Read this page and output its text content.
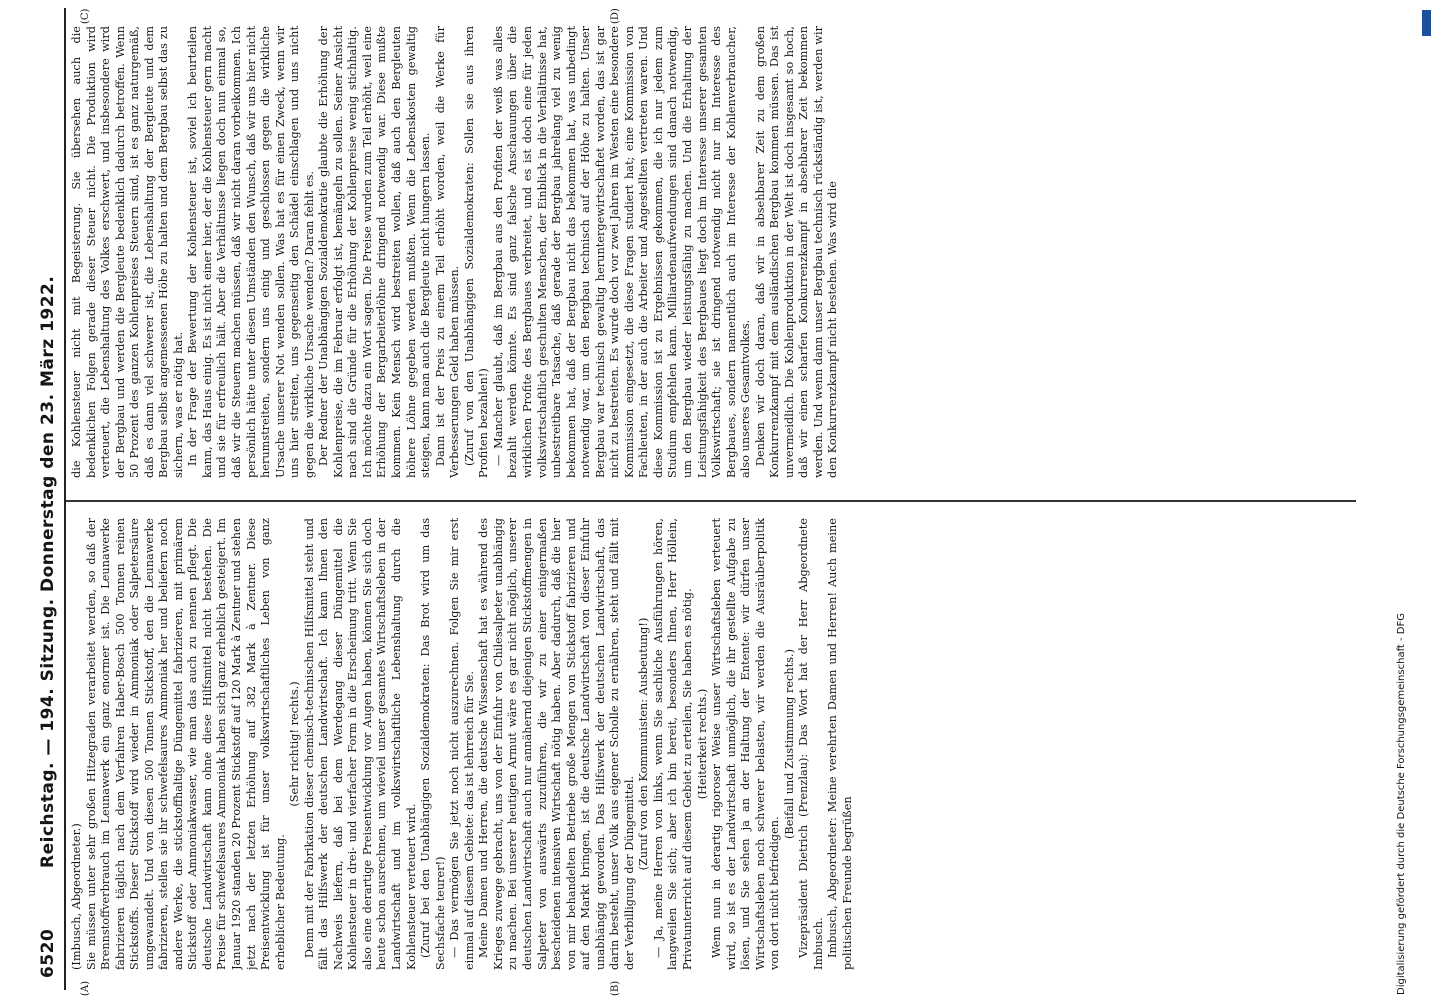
6520
Reichstag. — 194. Sitzung. Donnerstag den 23. März 1922.
(A)	(B)
(C)	(D)

(Imbusch, Abgeordneter.) Sie müssen unter sehr großen Hitzegraden verarbeitet werden, so daß der Brennstoffverbrauch im Leunawerk ein ganz enormer ist. Die Leunawerke fabrizieren täglich nach dem Verfahren Haber-Bosch 500 Tonnen reinen Stickstoffs. Dieser Stickstoff wird wieder in Ammoniak oder Salpetersäure umgewandelt. Und von diesen 500 Tonnen Stickstoff, den die Leunawerke fabrizieren, stellen sie ihr schwefelsaures Ammoniak her und beliefern noch andere Werke, die stickstoffhaltige Düngemittel fabrizieren, mit primärem Stickstoff oder Ammoniakwasser, wie man das auch zu nennen pflegt. Die deutsche Landwirtschaft kann ohne diese Hilfsmittel nicht bestehen. Die Preise für schwefelsaures Ammoniak haben sich ganz erheblich gesteigert. Im Januar 1920 standen 20 Prozent Stickstoff auf 120 Mark à Zentner und stehen jetzt nach der letzten Erhöhung auf 382 Mark à Zentner. Diese Preisentwicklung ist für unser volkswirtschaftliches Leben von ganz erheblicher Bedeutung.

(Sehr richtig! rechts.) Denn mit der Fabrikation dieser chemisch-technischen Hilfsmittel steht und fällt das Hilfswerk der deutschen Landwirtschaft. Ich kann Ihnen den Nachweis liefern, daß bei dem Werdegang dieser Düngemittel die Kohlensteuer in drei- und vierfacher Form in die Erscheinung tritt. Wenn Sie also eine derartige Preisentwicklung vor Augen haben, können Sie sich doch heute schon ausrechnen, um wieviel unser gesamtes Wirtschaftsleben in der Landwirtschaft und im volkswirtschaftliche Lebenshaltung durch die Kohlensteuer verteuert wird. (Zuruf bei den Unabhängigen Sozialdemokraten: Das Brot wird um das Sechsfache teurer!) — Das vermögen Sie jetzt noch nicht auszurechnen. Folgen Sie mir erst einmal auf diesem Gebiete: das ist lehrreich für Sie. Meine Damen und Herren, die deutsche Wissenschaft hat es während des Krieges zuwege gebracht, uns von der Einfuhr von Chilesalpeter unabhängig zu machen. Bei unserer heutigen Armut wäre es gar nicht möglich, unserer deutschen Landwirtschaft auch nur annähernd diejenigen Stickstoffmengen in Salpeter von auswärts zuzuführen, die wir zu einer einigermaßen bescheidenen intensiven Wirtschaft nötig haben. Aber dadurch, daß die hier von mir behandelten Betriebe große Mengen von Stickstoff fabrizieren und auf den Markt bringen, ist die deutsche Landwirtschaft von dieser Einfuhr unabhängig geworden. Das Hilfswerk der deutschen Landwirtschaft, das darin besteht, unser Volk aus eigener Scholle zu ernähren, steht und fällt mit der Verbilligung der Düngemittel.

(Zuruf von den Kommunisten: Ausbeutung!) — Ja, meine Herren von links, wenn Sie sachliche Ausführungen hören, langweilen Sie sich; aber ich bin bereit, besonders Ihnen, Herr Höllein, Privatunterricht auf diesem Gebiet zu erteilen, Sie haben es nötig. (Heiterkeit rechts.) Wenn nun in derartig rigoroser Weise unser Wirtschaftsleben verteuert wird, so ist es der Landwirtschaft unmöglich, die ihr gestellte Aufgabe zu lösen, und Sie sehen ja an der Haltung der Entente: wir dürfen unser Wirtschaftsleben noch schwerer belasten, wir werden die Ausräuberpolitik von dort nicht befriedigen.

(Beifall und Zustimmung rechts.) Vizepräsident Dietrich (Prenzlau): Das Wort hat der Herr Abgeordnete Imbusch. Imbusch, Abgeordneter: Meine verehrten Damen und Herren! Auch meine politischen Freunde begrüßen

die Kohlensteuer nicht mit Begeisterung. Sie übersehen auch die bedenklichen Folgen gerade dieser Steuer nicht. Die Produktion wird verteuert, die Lebenshaltung des Volkes erschwert, und insbesondere wird der Bergbau und werden die Bergleute bedenklich dadurch betroffen. Wenn 50 Prozent des ganzen Kohlenpreises Steuern sind, ist es ganz naturgemäß, daß es dann viel schwerer ist, die Lebenshaltung der Bergleute und dem Bergbau selbst angemessenen Höhe zu halten und dem Bergbau selbst das zu sichern, was er nötig hat. In der Frage der Bewertung der Kohlensteuer ist, soviel ich beurteilen kann, das Haus einig. Es ist nicht einer hier, der die Kohlensteuer gern macht und sie für erfreulich hält. Aber die Verhältnisse liegen doch nun einmal so, daß wir die Steuern machen müssen, daß wir nicht daran vorbeikommen. Ich persönlich hätte unter diesen Umständen den Wunsch, daß wir uns hier nicht herumstreiten, sondern uns einig und geschlossen gegen die wirkliche Ursache unserer Not wenden sollen. Was hat es für einen Zweck, wenn wir uns hier streiten, uns gegenseitig den Schädel einschlagen und uns nicht gegen die wirkliche Ursache wenden? Daran fehlt es. Der Redner der Unabhängigen Sozialdemokratie glaubte die Erhöhung der Kohlenpreise, die im Februar erfolgt ist, bemängeln zu sollen. Seiner Ansicht nach sind die Gründe für die Erhöhung der Kohlenpreise wenig stichhaltig. Ich möchte dazu ein Wort sagen. Die Preise wurden zum Teil erhöht, weil eine Erhöhung der Bergarbeiterlöhne dringend notwendig war. Diese mußte kommen. Kein Mensch wird bestreiten wollen, daß auch den Bergleuten höhere Löhne gegeben werden mußten. Wenn die Lebenskosten gewaltig steigen, kann man auch die Bergleute nicht hungern lassen. Dann ist der Preis zu einem Teil erhöht worden, weil die Werke für Verbesserungen Geld haben müssen. (Zuruf von den Unabhängigen Sozialdemokraten: Sollen sie aus ihren Profiten bezahlen!) — Mancher glaubt, daß im Bergbau aus den Profiten der weiß was alles bezahlt werden könnte. Es sind ganz falsche Anschauungen über die wirklichen Profite des Bergbaues verbreitet, und es ist doch eine für jeden volkswirtschaftlich geschulten Menschen, der Einblick in die Verhältnisse hat, unbestreitbare Tatsache, daß gerade der Bergbau jahrelang viel zu wenig bekommen hat, daß der Bergbau nicht das bekommen hat, was unbedingt notwendig war, um den Bergbau technisch auf der Höhe zu halten. Unser Bergbau war technisch gewaltig heruntergewirtschaftet worden, das ist gar nicht zu bestreiten. Es wurde doch vor zwei Jahren im Westen eine besondere Kommission eingesetzt, die diese Fragen studiert hat; eine Kommission von Fachleuten, in der auch die Arbeiter und Angestellten vertreten waren. Und diese Kommission ist zu Ergebnissen gekommen, die ich nur jedem zum Studium empfehlen kann. Milliardenaufwendungen sind danach notwendig, um den Bergbau wieder leistungsfähig zu machen. Und die Erhaltung der Leistungsfähigkeit des Bergbaues liegt doch im Interesse unserer gesamten Volkswirtschaft; sie ist dringend notwendig nicht nur im Interesse des Bergbaues, sondern namentlich auch im Interesse der Kohlenverbraucher, also unseres Gesamtvolkes. Denken wir doch daran, daß wir in absehbarer Zeit zu dem großen Konkurrenzkampf mit dem ausländischen Bergbau kommen müssen. Das ist unvermeidlich. Die Kohlenproduktion in der Welt ist doch insgesamt so hoch, daß wir einen scharfen Konkurrenzkampf in absehbarer Zeit bekommen werden. Und wenn dann unser Bergbau technisch rückständig ist, werden wir den Konkurrenzkampf nicht bestehen. Was wird die

Digitalisierung gefördert durch die Deutsche Forschungsgemeinschaft - DFG
